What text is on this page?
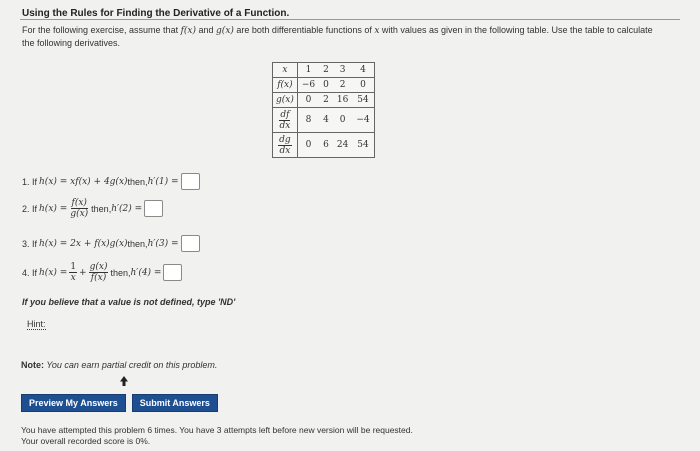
Using the Rules for Finding the Derivative of a Function.
For the following exercise, assume that f(x) and g(x) are both differentiable functions of x with values as given in the following table. Use the table to calculate the following derivatives.
x	1	2	3	4
f(x)	−6	0	2	0
g(x)	0	2	16	54

$\frac{df}{dx}$	8	4	0	−4

$\frac{dg}{dx}$	0	6	24	54
1. If h(x) = xf(x) + 4g(x) then, h′(1) =
2. If $h(x) = \frac{f(x)}{g(x)}$ then, h′(2) =
3. If h(x) = 2x + f(x)g(x) then, h′(3) =
4. If $h(x) = \frac{1}{x} + \frac{g(x)}{f(x)}$ then, h′(4) =
If you believe that a value is not defined, type 'ND'
Hint:
Note: You can earn partial credit on this problem.
Preview My Answers	Submit Answers
You have attempted this problem 6 times. You have 3 attempts left before new version will be requested.
Your overall recorded score is 0%.
